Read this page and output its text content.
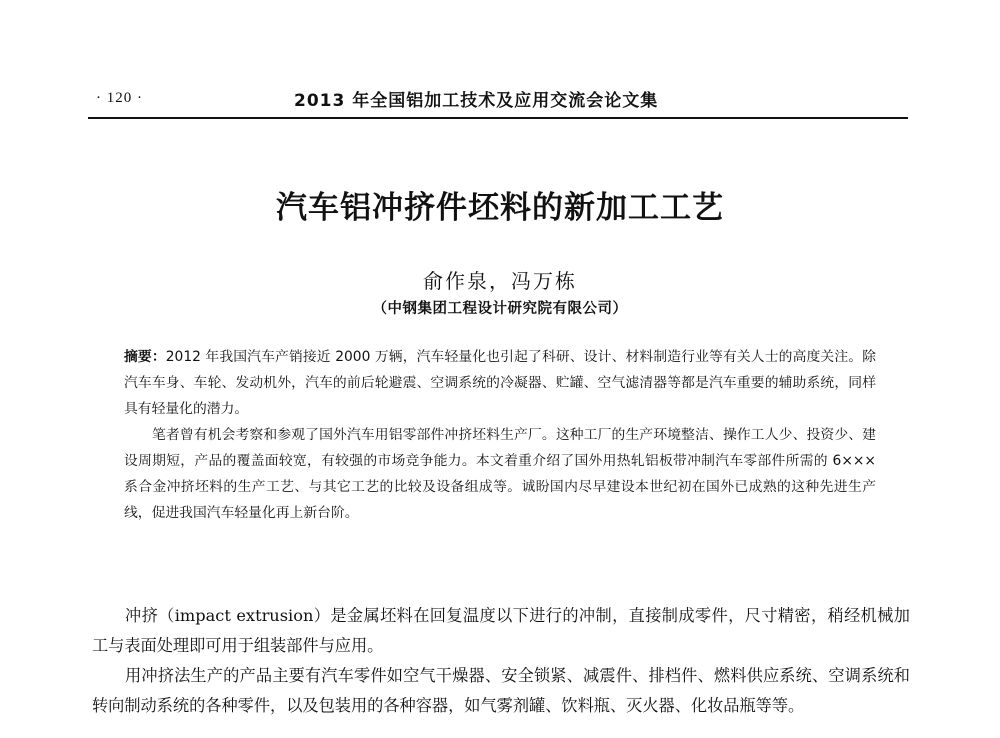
· 120 ·	2013 年全国铝加工技术及应用交流会论文集
汽车铝冲挤件坯料的新加工工艺
俞作泉，冯万栋
（中钢集团工程设计研究院有限公司）

摘要：2012 年我国汽车产销接近 2000 万辆，汽车轻量化也引起了科研、设计、材料制造行业等有关人士的高度关注。除汽车车身、车轮、发动机外，汽车的前后轮避震、空调系统的冷凝器、贮罐、空气滤清器等都是汽车重要的辅助系统，同样具有轻量化的潜力。

笔者曾有机会考察和参观了国外汽车用铝零部件冲挤坯料生产厂。这种工厂的生产环境整洁、操作工人少、投资少、建设周期短，产品的覆盖面较宽，有较强的市场竞争能力。本文着重介绍了国外用热轧铝板带冲制汽车零部件所需的 6××× 系合金冲挤坯料的生产工艺、与其它工艺的比较及设备组成等。诚盼国内尽早建设本世纪初在国外已成熟的这种先进生产线，促进我国汽车轻量化再上新台阶。

冲挤（impact extrusion）是金属坯料在回复温度以下进行的冲制，直接制成零件，尺寸精密，稍经机械加工与表面处理即可用于组装部件与应用。

用冲挤法生产的产品主要有汽车零件如空气干燥器、安全锁紧、减震件、排档件、燃料供应系统、空调系统和转向制动系统的各种零件，以及包装用的各种容器，如气雾剂罐、饮料瓶、灭火器、化妆品瓶等等。
